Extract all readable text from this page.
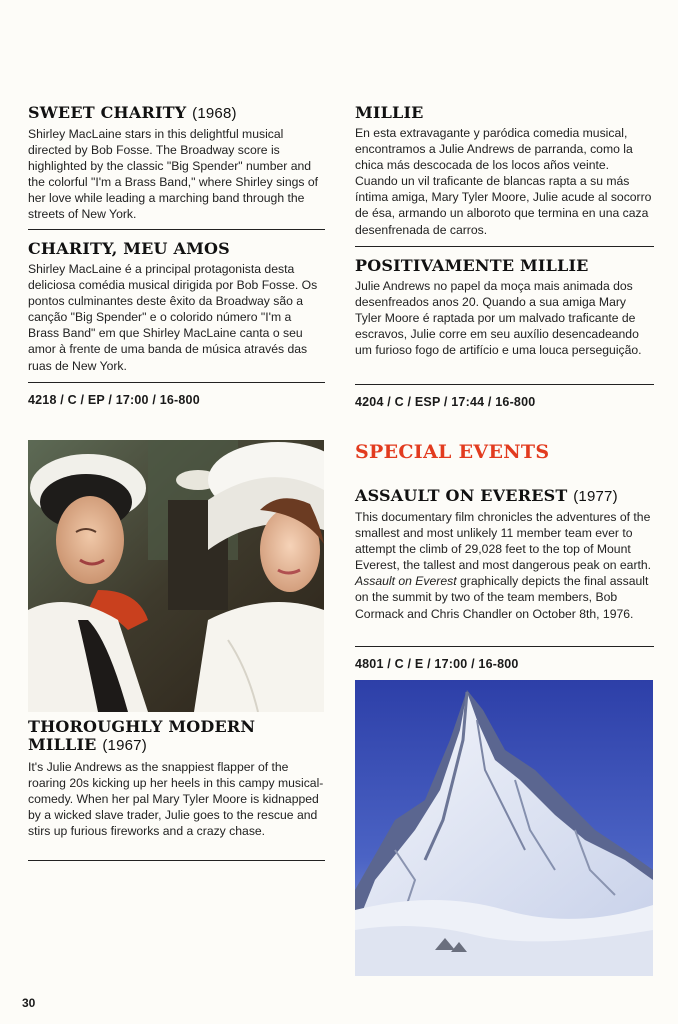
SWEET CHARITY (1968)

Shirley MacLaine stars in this delightful musical directed by Bob Fosse. The Broadway score is highlighted by the classic "Big Spender" number and the colorful "I'm a Brass Band," where Shirley sings of her love while leading a marching band through the streets of New York.

CHARITY, MEU AMOS

Shirley MacLaine é a principal protagonista desta deliciosa comédia musical dirigida por Bob Fosse. Os pontos culminantes deste êxito da Broadway são a canção "Big Spender" e o colorido número "I'm a Brass Band" em que Shirley MacLaine canta o seu amor à frente de uma banda de música através das ruas de New York.

4218 / C / EP / 17:00 / 16-800
THOROUGHLY MODERN MILLIE (1967)

It's Julie Andrews as the snappiest flapper of the roaring 20s kicking up her heels in this campy musical-comedy. When her pal Mary Tyler Moore is kidnapped by a wicked slave trader, Julie goes to the rescue and stirs up furious fireworks and a crazy chase.

MILLIE

En esta extravagante y paródica comedia musical, encontramos a Julie Andrews de parranda, como la chica más descocada de los locos años veinte. Cuando un vil traficante de blancas rapta a su más íntima amiga, Mary Tyler Moore, Julie acude al socorro de ésa, armando un alboroto que termina en una caza desenfrenada de carros.

POSITIVAMENTE MILLIE

Julie Andrews no papel da moça mais animada dos desenfreados anos 20. Quando a sua amiga Mary Tyler Moore é raptada por um malvado traficante de escravos, Julie corre em seu auxílio desencadeando um furioso fogo de artifício e uma louca perseguição.

4204 / C / ESP / 17:44 / 16-800
SPECIAL EVENTS
ASSAULT ON EVEREST (1977)

This documentary film chronicles the adventures of the smallest and most unlikely 11 member team ever to attempt the climb of 29,028 feet to the top of Mount Everest, the tallest and most dangerous peak on earth. Assault on Everest graphically depicts the final assault on the summit by two of the team members, Bob Cormack and Chris Chandler on October 8th, 1976.

4801 / C / E / 17:00 / 16-800
30
